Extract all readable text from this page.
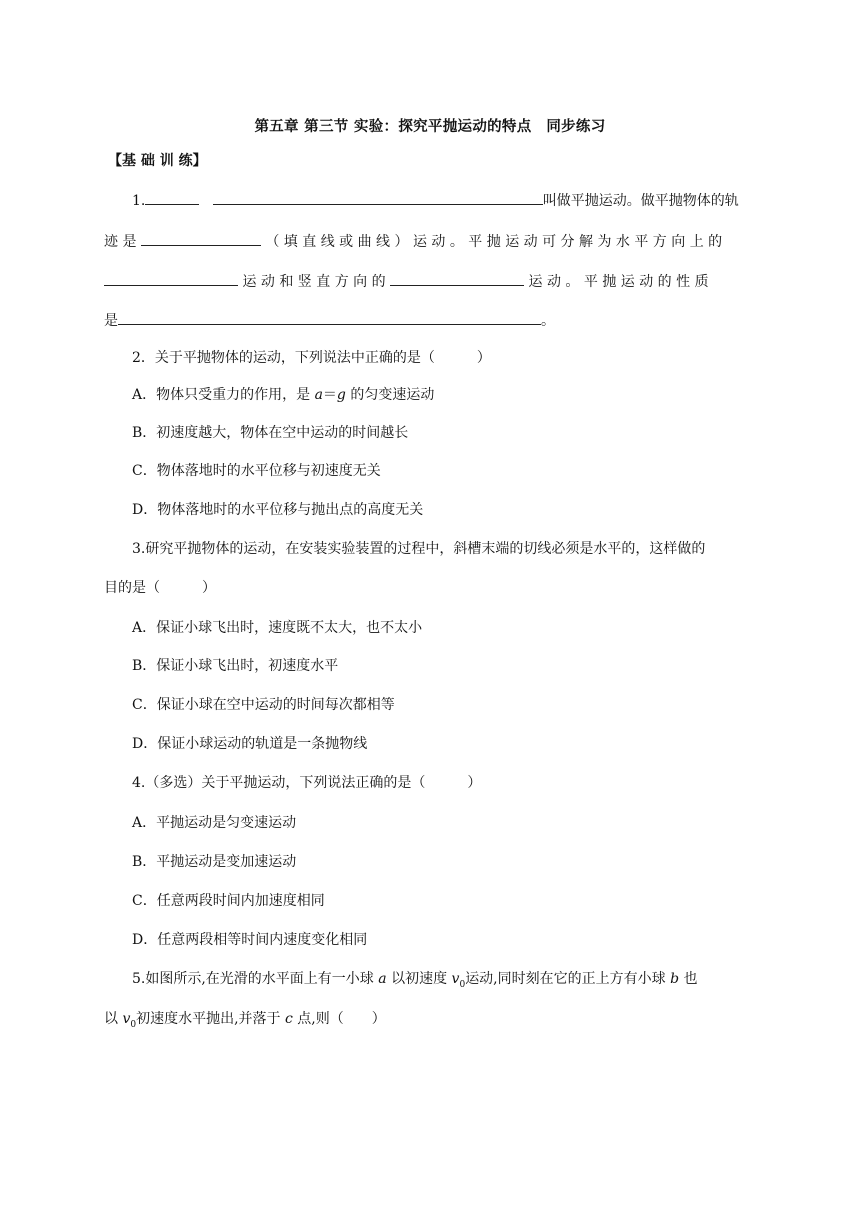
第五章 第三节 实验：探究平抛运动的特点　同步练习
【基 础 训 练】
1.	叫做平抛运动。做平抛物体的轨
迹 是	（ 填 直 线 或 曲 线 ） 运 动 。 平 抛 运 动 可 分 解 为 水 平 方 向 上 的
运 动 和 竖 直 方 向 的	运 动 。 平 抛 运 动 的 性 质
是	。
2．关于平抛物体的运动，下列说法中正确的是（　　　）
A．物体只受重力的作用，是 a＝g 的匀变速运动
B．初速度越大，物体在空中运动的时间越长
C．物体落地时的水平位移与初速度无关
D．物体落地时的水平位移与抛出点的高度无关
3.研究平抛物体的运动，在安装实验装置的过程中，斜槽末端的切线必须是水平的，这样做的
目的是（　　　）
A．保证小球飞出时，速度既不太大，也不太小
B．保证小球飞出时，初速度水平
C．保证小球在空中运动的时间每次都相等
D．保证小球运动的轨道是一条抛物线
4.（多选）关于平抛运动，下列说法正确的是（　　　）
A．平抛运动是匀变速运动
B．平抛运动是变加速运动
C．任意两段时间内加速度相同
D．任意两段相等时间内速度变化相同
5.如图所示,在光滑的水平面上有一小球 a 以初速度 $v_0$运动,同时刻在它的正上方有小球 b 也
以 $v_0$初速度水平抛出,并落于 c 点,则（　　）
